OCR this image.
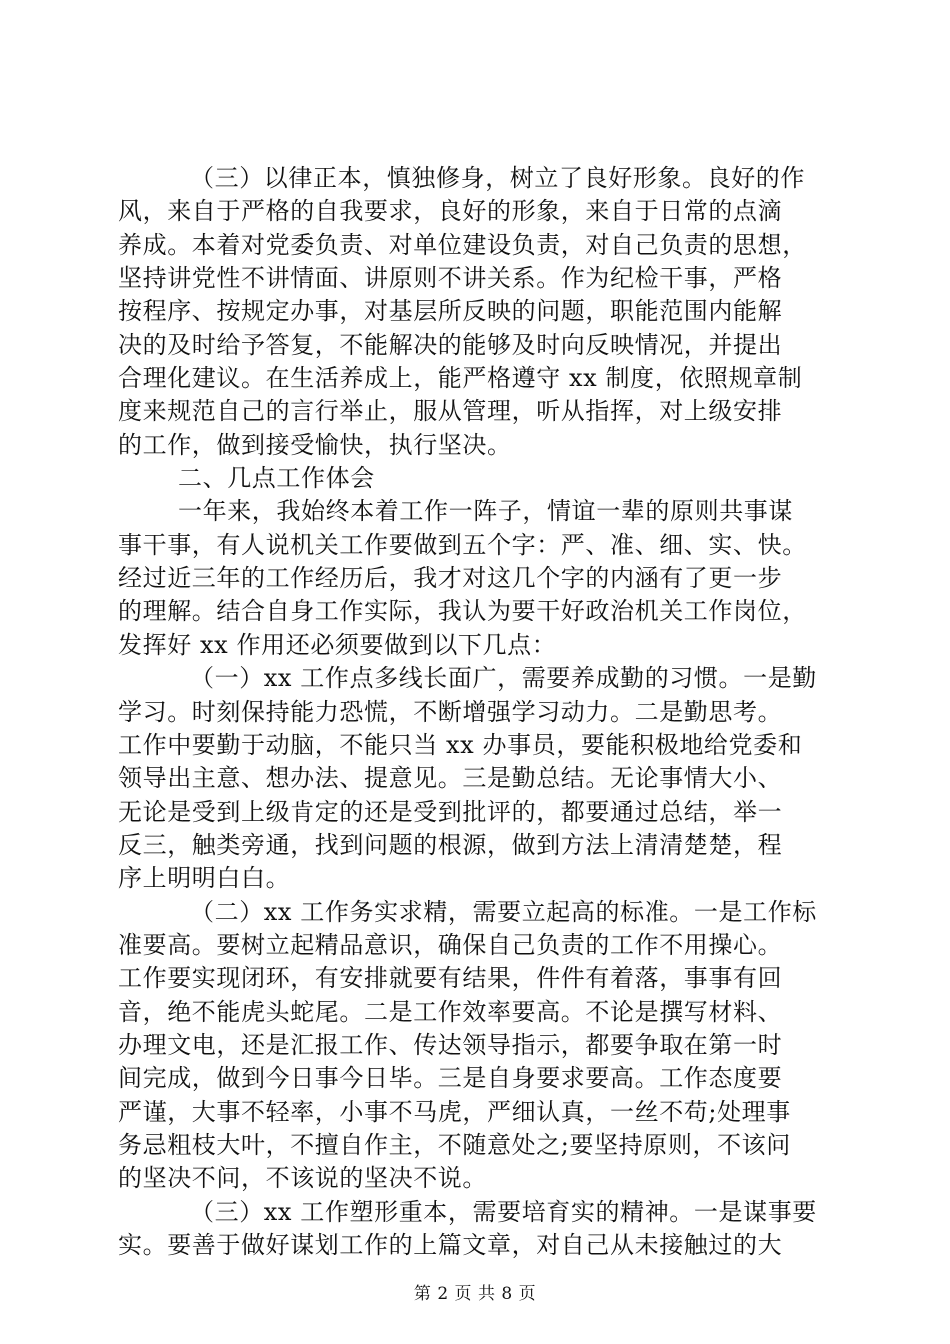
（三）以律正本，慎独修身，树立了良好形象。良好的作
风，来自于严格的自我要求，良好的形象，来自于日常的点滴
养成。本着对党委负责、对单位建设负责，对自己负责的思想，
坚持讲党性不讲情面、讲原则不讲关系。作为纪检干事，严格
按程序、按规定办事，对基层所反映的问题，职能范围内能解
决的及时给予答复，不能解决的能够及时向反映情况，并提出
合理化建议。在生活养成上，能严格遵守 xx 制度，依照规章制
度来规范自己的言行举止，服从管理，听从指挥，对上级安排
的工作，做到接受愉快，执行坚决。
二、几点工作体会
一年来，我始终本着工作一阵子，情谊一辈的原则共事谋
事干事，有人说机关工作要做到五个字：严、准、细、实、快。
经过近三年的工作经历后，我才对这几个字的内涵有了更一步
的理解。结合自身工作实际，我认为要干好政治机关工作岗位，
发挥好 xx 作用还必须要做到以下几点：
（一）xx 工作点多线长面广，需要养成勤的习惯。一是勤
学习。时刻保持能力恐慌，不断增强学习动力。二是勤思考。
工作中要勤于动脑，不能只当 xx 办事员，要能积极地给党委和
领导出主意、想办法、提意见。三是勤总结。无论事情大小、
无论是受到上级肯定的还是受到批评的，都要通过总结，举一
反三，触类旁通，找到问题的根源，做到方法上清清楚楚，程
序上明明白白。
（二）xx 工作务实求精，需要立起高的标准。一是工作标
准要高。要树立起精品意识，确保自己负责的工作不用操心。
工作要实现闭环，有安排就要有结果，件件有着落，事事有回
音，绝不能虎头蛇尾。二是工作效率要高。不论是撰写材料、
办理文电，还是汇报工作、传达领导指示，都要争取在第一时
间完成，做到今日事今日毕。三是自身要求要高。工作态度要
严谨，大事不轻率，小事不马虎，严细认真，一丝不苟;处理事
务忌粗枝大叶，不擅自作主，不随意处之;要坚持原则，不该问
的坚决不问，不该说的坚决不说。
（三）xx 工作塑形重本，需要培育实的精神。一是谋事要
实。要善于做好谋划工作的上篇文章，对自己从未接触过的大
第 2 页 共 8 页
